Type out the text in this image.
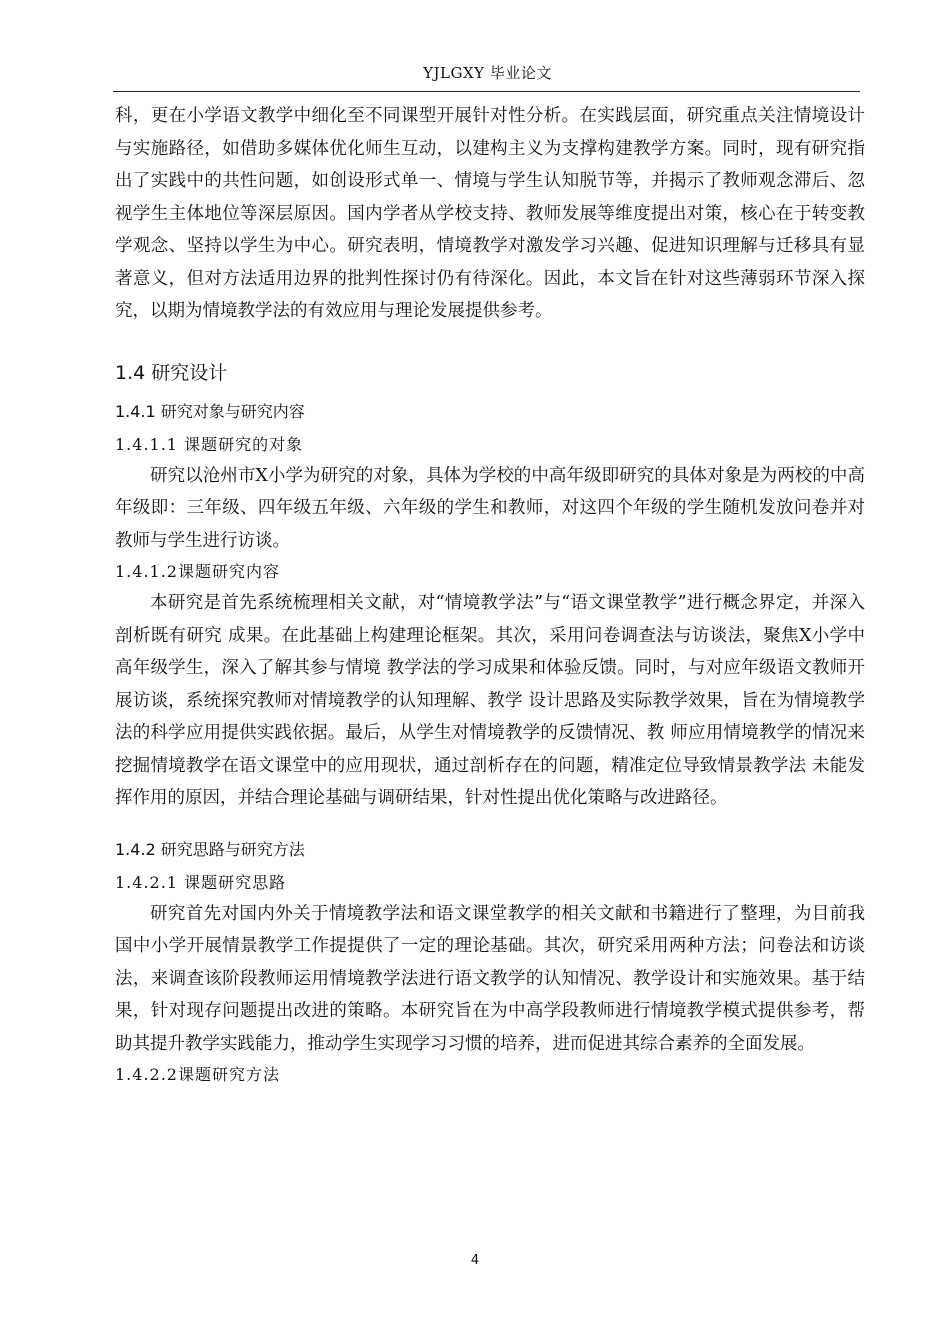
YJLGXY 毕业论文

科，更在小学语文教学中细化至不同课型开展针对性分析。在实践层面，研究重点关注情境设计与实施路径，如借助多媒体优化师生互动，以建构主义为支撑构建教学方案。同时，现有研究指出了实践中的共性问题，如创设形式单一、情境与学生认知脱节等，并揭示了教师观念滞后、忽视学生主体地位等深层原因。国内学者从学校支持、教师发展等维度提出对策，核心在于转变教学观念、坚持以学生为中心。研究表明，情境教学对激发学习兴趣、促进知识理解与迁移具有显著意义，但对方法适用边界的批判性探讨仍有待深化。因此，本文旨在针对这些薄弱环节深入探究，以期为情境教学法的有效应用与理论发展提供参考。

1.4 研究设计
1.4.1 研究对象与研究内容
1.4.1.1 课题研究的对象

研究以沧州市X小学为研究的对象，具体为学校的中高年级即研究的具体对象是为两校的中高年级即：三年级、四年级五年级、六年级的学生和教师，对这四个年级的学生随机发放问卷并对教师与学生进行访谈。

1.4.1.2课题研究内容

本研究是首先系统梳理相关文献，对“情境教学法”与“语文课堂教学”进行概念界定，并深入剖析既有研究 成果。在此基础上构建理论框架。其次，采用问卷调查法与访谈法，聚焦X小学中高年级学生，深入了解其参与情境 教学法的学习成果和体验反馈。同时，与对应年级语文教师开展访谈，系统探究教师对情境教学的认知理解、教学 设计思路及实际教学效果，旨在为情境教学法的科学应用提供实践依据。最后，从学生对情境教学的反馈情况、教 师应用情境教学的情况来挖掘情境教学在语文课堂中的应用现状，通过剖析存在的问题，精准定位导致情景教学法 未能发挥作用的原因，并结合理论基础与调研结果，针对性提出优化策略与改进路径。

1.4.2 研究思路与研究方法
1.4.2.1 课题研究思路

研究首先对国内外关于情境教学法和语文课堂教学的相关文献和书籍进行了整理，为目前我国中小学开展情景教学工作提提供了一定的理论基础。其次，研究采用两种方法；问卷法和访谈法，来调查该阶段教师运用情境教学法进行语文教学的认知情况、教学设计和实施效果。基于结果，针对现存问题提出改进的策略。本研究旨在为中高学段教师进行情境教学模式提供参考，帮助其提升教学实践能力，推动学生实现学习习惯的培养，进而促进其综合素养的全面发展。

1.4.2.2课题研究方法
4
